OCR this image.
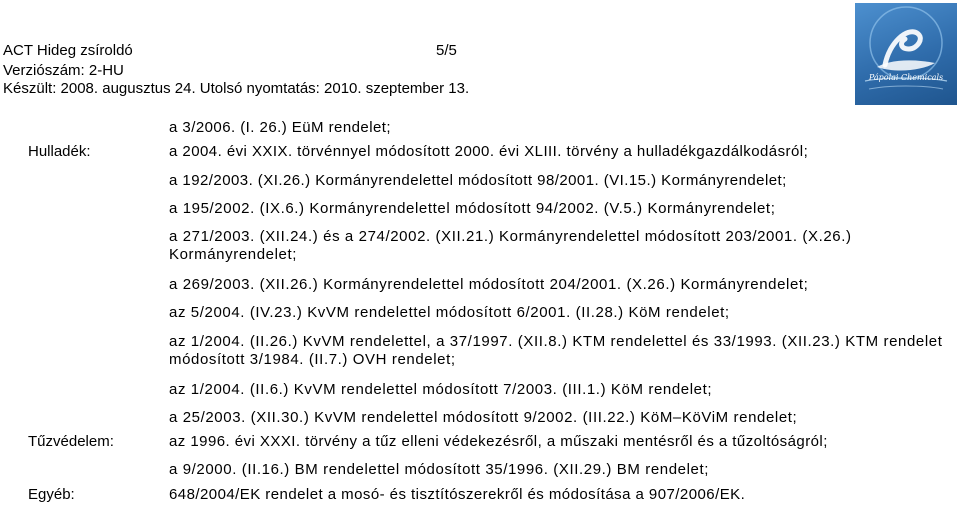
ACT Hideg zsíroldó	5/5
Verziószám: 2-HU
Készült: 2008. augusztus 24. Utolsó nyomtatás: 2010. szeptember 13.
Pápolai Chemicals
Hulladék:
Tűzvédelem:
Egyéb:
a 3/2006. (I. 26.) EüM rendelet;
a 2004. évi XXIX. törvénnyel módosított 2000. évi XLIII. törvény a hulladékgazdálkodásról;
a 192/2003. (XI.26.) Kormányrendelettel módosított 98/2001. (VI.15.) Kormányrendelet;
a 195/2002. (IX.6.) Kormányrendelettel módosított 94/2002. (V.5.) Kormányrendelet;
a 271/2003. (XII.24.) és a 274/2002. (XII.21.) Kormányrendelettel módosított 203/2001. (X.26.) Kormányrendelet;
a 269/2003. (XII.26.) Kormányrendelettel módosított 204/2001. (X.26.) Kormányrendelet;
az 5/2004. (IV.23.) KvVM rendelettel módosított 6/2001. (II.28.) KöM rendelet;
az 1/2004. (II.26.) KvVM rendelettel, a 37/1997. (XII.8.) KTM rendelettel és 33/1993. (XII.23.) KTM rendelet módosított 3/1984. (II.7.) OVH rendelet;
az 1/2004. (II.6.) KvVM rendelettel módosított 7/2003. (III.1.) KöM rendelet;
a 25/2003. (XII.30.) KvVM rendelettel módosított 9/2002. (III.22.) KöM–KöViM rendelet;
az 1996. évi XXXI. törvény a tűz elleni védekezésről, a műszaki mentésről és a tűzoltóságról;
a 9/2000. (II.16.) BM rendelettel módosított 35/1996. (XII.29.) BM rendelet;
648/2004/EK rendelet a mosó- és tisztítószerekről és módosítása a 907/2006/EK.
